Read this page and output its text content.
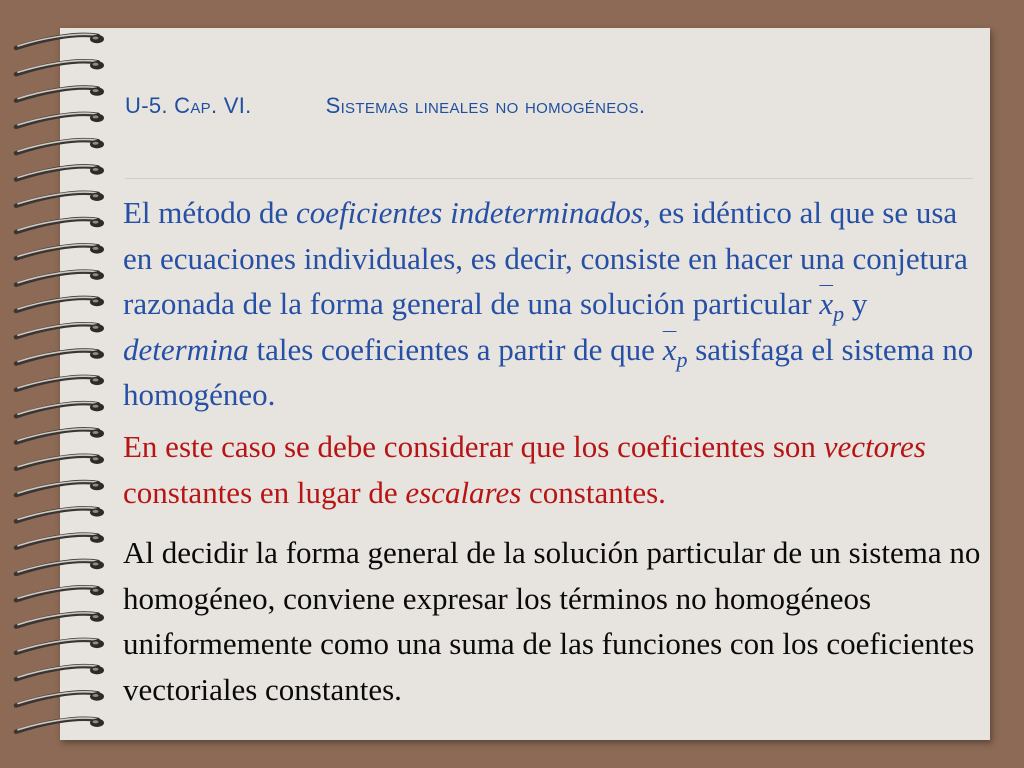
U-5. Cap. VI.	Sistemas lineales no homogéneos.

El método de coeficientes indeterminados, es idéntico al que se usa en ecuaciones individuales, es decir, consiste en hacer una conjetura razonada de la forma general de una solución particular $\overline{x}_p$ y determina tales coeficientes a partir de que $\overline{x}_p$ satisfaga el sistema no homogéneo.

En este caso se debe considerar que los coeficientes son vectores constantes en lugar de escalares constantes.

Al decidir la forma general de la solución particular de un sistema no homogéneo, conviene expresar los términos no homogéneos uniformemente como una suma de las funciones con los coeficientes vectoriales constantes.
